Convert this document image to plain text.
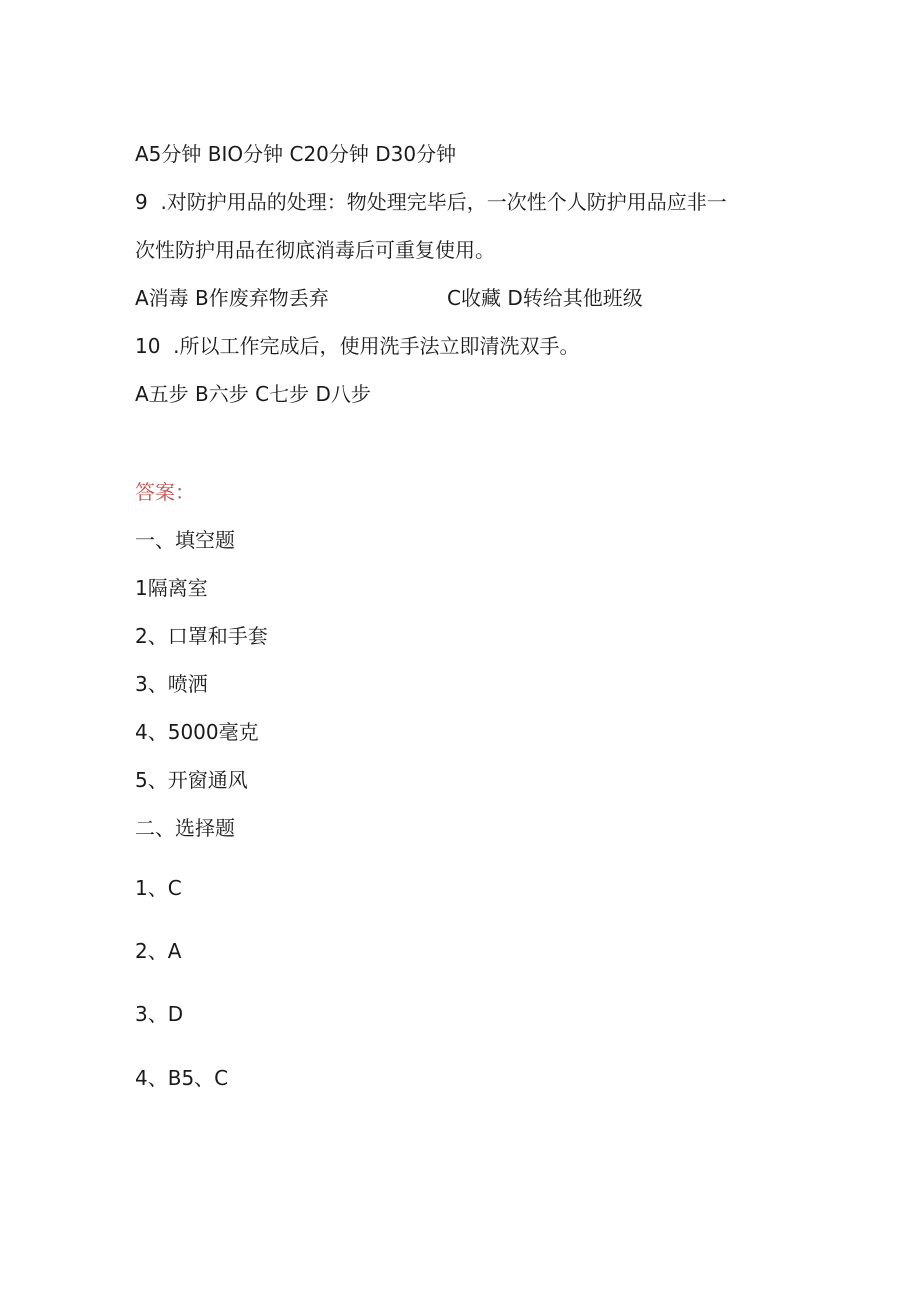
A5分钟 BIO分钟 C20分钟 D30分钟
9  .对防护用品的处理：物处理完毕后，一次性个人防护用品应非一
次性防护用品在彻底消毒后可重复使用。
A消毒 B作废弃物丢弃	C收藏 D转给其他班级
10  .所以工作完成后，使用洗手法立即清洗双手。
A五步 B六步 C七步 D八步
答案：
一、填空题
1隔离室
2、口罩和手套
3、喷洒
4、5000毫克
5、开窗通风
二、选择题
1、C
2、A
3、D
4、B5、C
